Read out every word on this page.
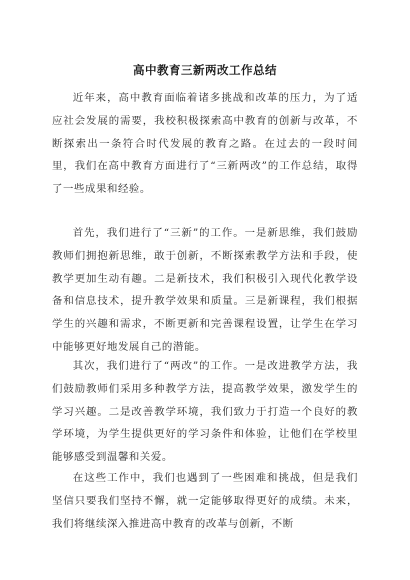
高中教育三新两改工作总结

近年来，高中教育面临着诸多挑战和改革的压力，为了适应社会发展的需要，我校积极探索高中教育的创新与改革，不断探索出一条符合时代发展的教育之路。在过去的一段时间里，我们在高中教育方面进行了“三新两改”的工作总结，取得了一些成果和经验。

首先，我们进行了“三新”的工作。一是新思维，我们鼓励教师们拥抱新思维，敢于创新，不断探索教学方法和手段，使教学更加生动有趣。二是新技术，我们积极引入现代化教学设备和信息技术，提升教学效果和质量。三是新课程，我们根据学生的兴趣和需求，不断更新和完善课程设置，让学生在学习中能够更好地发展自己的潜能。

其次，我们进行了“两改”的工作。一是改进教学方法，我们鼓励教师们采用多种教学方法，提高教学效果，激发学生的学习兴趣。二是改善教学环境，我们致力于打造一个良好的教学环境，为学生提供更好的学习条件和体验，让他们在学校里能够感受到温馨和关爱。

在这些工作中，我们也遇到了一些困难和挑战，但是我们坚信只要我们坚持不懈，就一定能够取得更好的成绩。未来，我们将继续深入推进高中教育的改革与创新，不断
